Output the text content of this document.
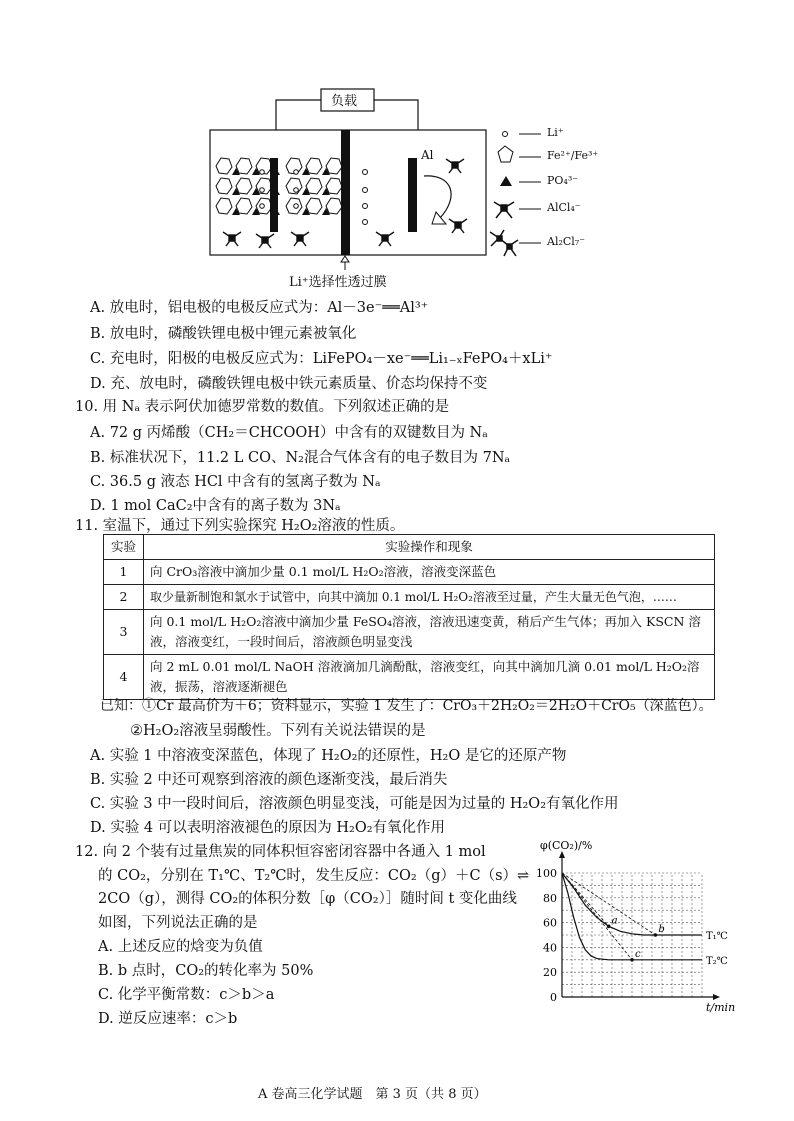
负载
Al
Li⁺选择性透过膜
Li⁺
Fe²⁺/Fe³⁺
PO₄³⁻
AlCl₄⁻
Al₂Cl₇⁻
A. 放电时，铝电极的电极反应式为：Al－3e⁻══Al³⁺
B. 放电时，磷酸铁锂电极中锂元素被氧化
C. 充电时，阳极的电极反应式为：LiFePO₄－xe⁻══Li₁₋ₓFePO₄＋xLi⁺
D. 充、放电时，磷酸铁锂电极中铁元素质量、价态均保持不变
10. 用 Nₐ 表示阿伏加德罗常数的数值。下列叙述正确的是
A. 72 g 丙烯酸（CH₂＝CHCOOH）中含有的双键数目为 Nₐ
B. 标准状况下，11.2 L CO、N₂混合气体含有的电子数目为 7Nₐ
C. 36.5 g 液态 HCl 中含有的氢离子数为 Nₐ
D. 1 mol CaC₂中含有的离子数为 3Nₐ
11. 室温下，通过下列实验探究 H₂O₂溶液的性质。
实验	实验操作和现象
1	向 CrO₃溶液中滴加少量 0.1 mol/L H₂O₂溶液，溶液变深蓝色
2	取少量新制饱和氯水于试管中，向其中滴加 0.1 mol/L H₂O₂溶液至过量，产生大量无色气泡，……
3	向 0.1 mol/L H₂O₂溶液中滴加少量 FeSO₄溶液，溶液迅速变黄，稍后产生气体；再加入 KSCN 溶液，溶液变红，一段时间后，溶液颜色明显变浅
4	向 2 mL 0.01 mol/L NaOH 溶液滴加几滴酚酞，溶液变红，向其中滴加几滴 0.01 mol/L H₂O₂溶液，振荡，溶液逐渐褪色
已知：①Cr 最高价为＋6；资料显示，实验 1 发生了：CrO₃＋2H₂O₂＝2H₂O＋CrO₅（深蓝色）。
②H₂O₂溶液呈弱酸性。下列有关说法错误的是
A. 实验 1 中溶液变深蓝色，体现了 H₂O₂的还原性，H₂O 是它的还原产物
B. 实验 2 中还可观察到溶液的颜色逐渐变浅，最后消失
C. 实验 3 中一段时间后，溶液颜色明显变浅，可能是因为过量的 H₂O₂有氧化作用
D. 实验 4 可以表明溶液褪色的原因为 H₂O₂有氧化作用
12. 向 2 个装有过量焦炭的同体积恒容密闭容器中各通入 1 mol
的 CO₂，分别在 T₁℃、T₂℃时，发生反应：CO₂（g）＋C（s）⇌
2CO（g），测得 CO₂的体积分数［φ（CO₂）］随时间 t 变化曲线
如图，下列说法正确的是
A. 上述反应的焓变为负值
B. b 点时，CO₂的转化率为 50%
C. 化学平衡常数：c＞b＞a
D. 逆反应速率：c＞b
0
20
40
60
80
100
φ(CO₂)/%
t/min
T₁℃
T₂℃
a
b
c
A 卷高三化学试题　第 3 页（共 8 页）
